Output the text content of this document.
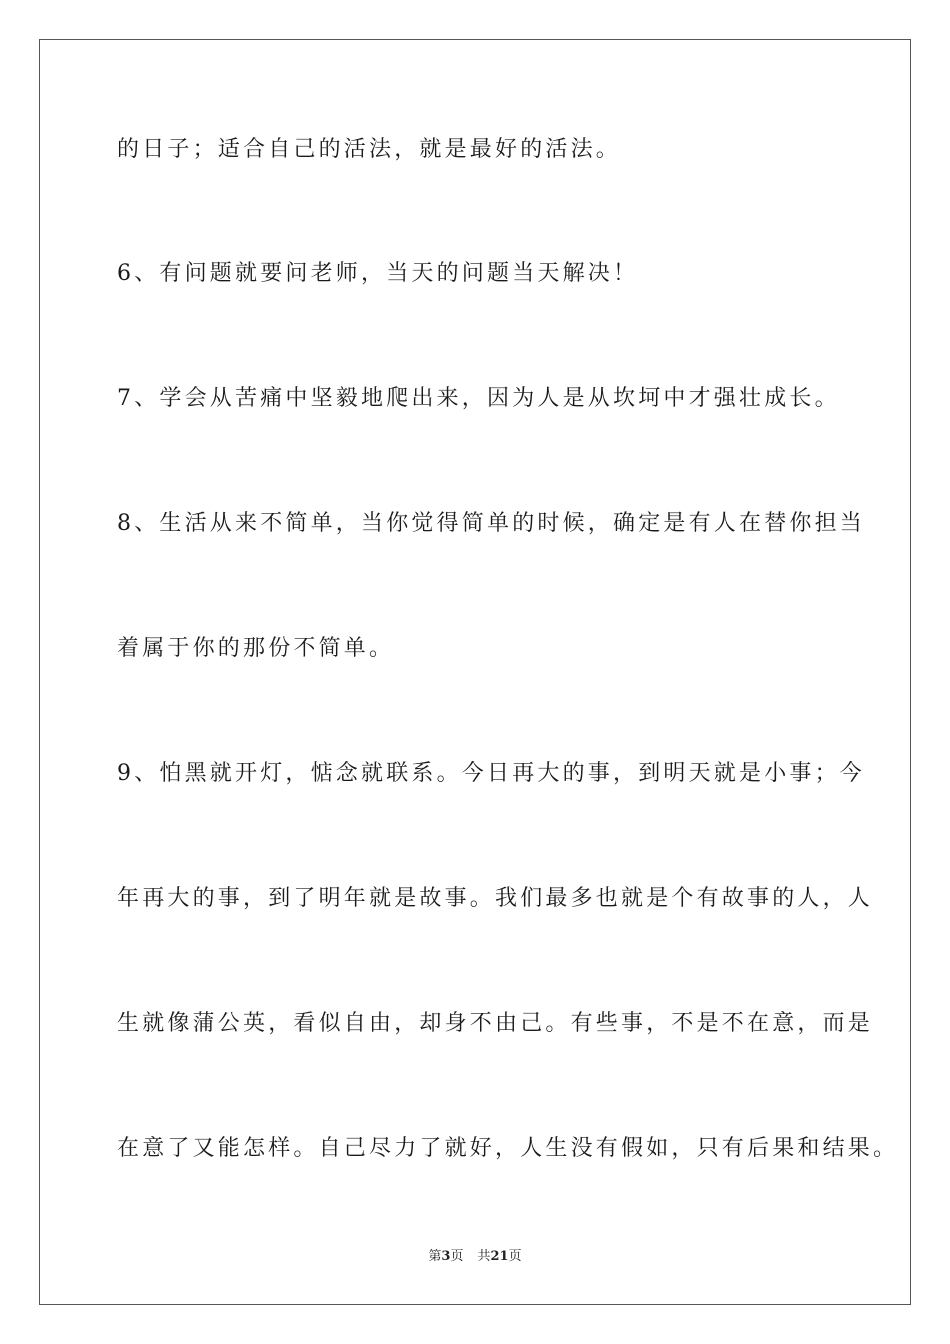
的日子；适合自己的活法，就是最好的活法。
6、有问题就要问老师，当天的问题当天解决！
7、学会从苦痛中坚毅地爬出来，因为人是从坎坷中才强壮成长。
8、生活从来不简单，当你觉得简单的时候，确定是有人在替你担当
着属于你的那份不简单。
9、怕黑就开灯，惦念就联系。今日再大的事，到明天就是小事；今
年再大的事，到了明年就是故事。我们最多也就是个有故事的人，人
生就像蒲公英，看似自由，却身不由己。有些事，不是不在意，而是
在意了又能怎样。自己尽力了就好，人生没有假如，只有后果和结果。
第3页 共21页
